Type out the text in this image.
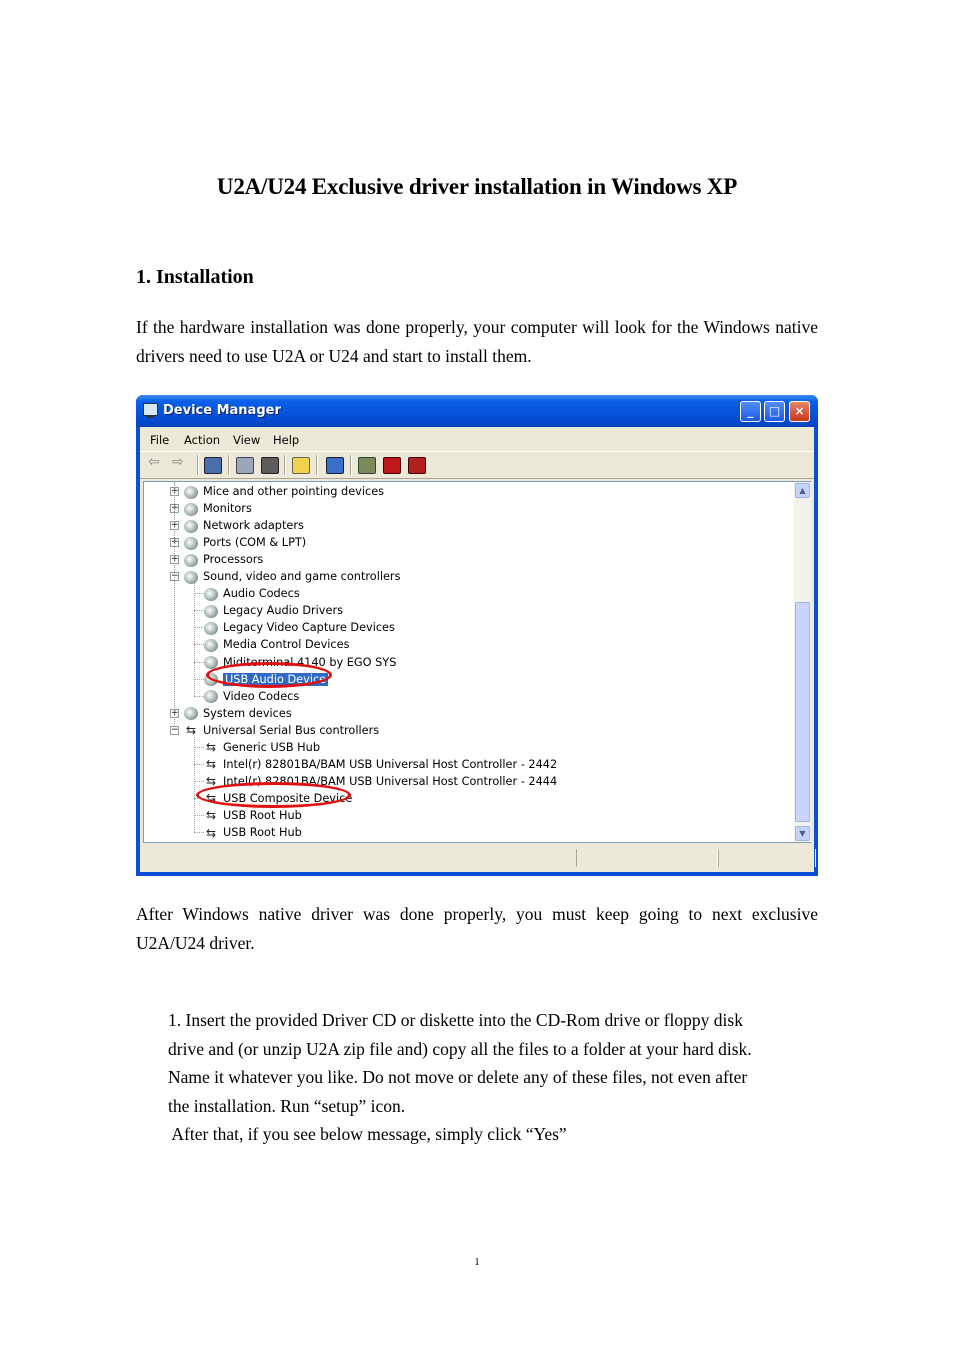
U2A/U24 Exclusive driver installation in Windows XP
1. Installation
If the hardware installation was done properly, your computer will look for the Windows native drivers need to use U2A or U24 and start to install them.
Device Manager	_	□	×
File Action View Help
⇦ ⇨
Mice and other pointing devices
+
Monitors
+
Network adapters
+
Ports (COM & LPT)
+
Processors
+
Sound, video and game controllers
−
Audio Codecs
Legacy Audio Drivers
Legacy Video Capture Devices
Media Control Devices
Miditerminal 4140 by EGO SYS
USB Audio Device
Video Codecs
System devices
+
⇆ Universal Serial Bus controllers
−
⇆ Generic USB Hub
⇆ Intel(r) 82801BA/BAM USB Universal Host Controller - 2442
⇆ Intel(r) 82801BA/BAM USB Universal Host Controller - 2444
⇆ USB Composite Device
⇆ USB Root Hub
⇆ USB Root Hub
▲
▼
After Windows native driver was done properly, you must keep going to next exclusive U2A/U24 driver.
1. Insert the provided Driver CD or diskette into the CD-Rom drive or floppy disk
drive and (or unzip U2A zip file and) copy all the files to a folder at your hard disk.
Name it whatever you like. Do not move or delete any of these files, not even after
the installation. Run “setup” icon.
After that, if you see below message, simply click “Yes”
1
